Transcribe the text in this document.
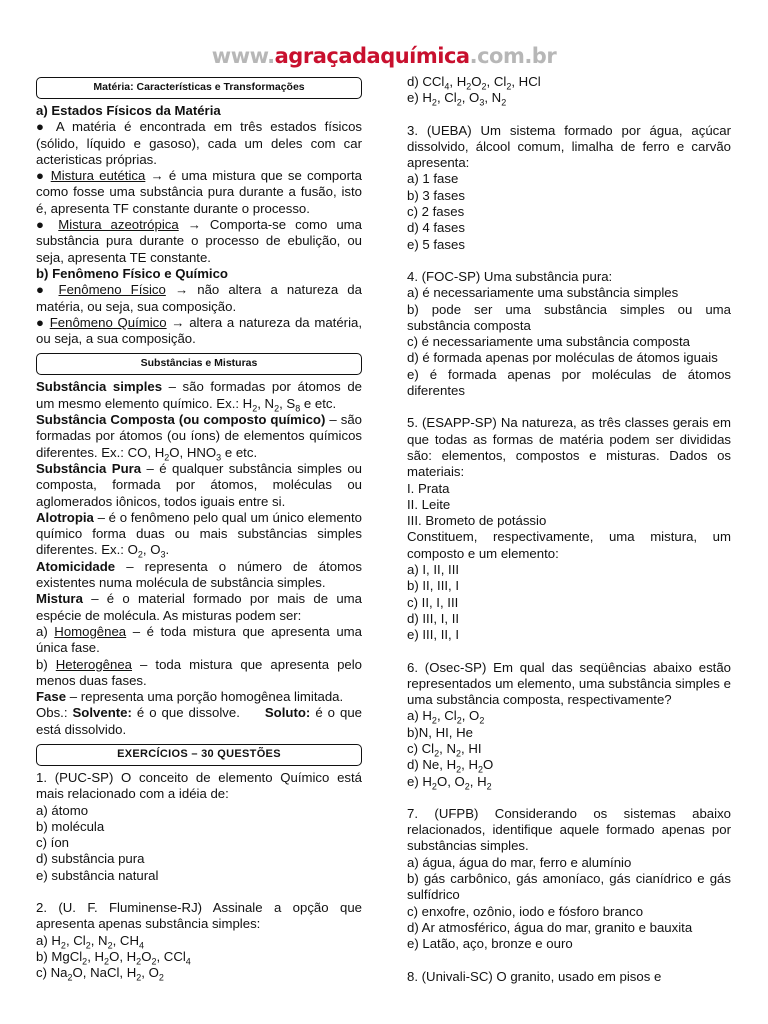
www.agraçadaquímica.com.br
Matéria: Características e Transformações

a) Estados Físicos da Matéria

● A matéria é encontrada em três estados físicos (sólido, líquido e gasoso), cada um deles com car acteristicas próprias.

● Mistura eutética → é uma mistura que se comporta como fosse uma substância pura durante a fusão, isto é, apresenta TF constante durante o processo.

● Mistura azeotrópica → Comporta-se como uma substância pura durante o processo de ebulição, ou seja, apresenta TE constante.

b) Fenômeno Físico e Químico

● Fenômeno Físico → não altera a natureza da matéria, ou seja, sua composição.

● Fenômeno Químico → altera a natureza da matéria, ou seja, a sua composição.

Substâncias e Misturas

Substância simples – são formadas por átomos de um mesmo elemento químico. Ex.: $H_2$, $N_2$, $S_8$ e etc.

Substância Composta (ou composto químico) – são formadas por átomos (ou íons) de elementos químicos diferentes. Ex.: CO, $H_2O$, $HNO_3$ e etc.

Substância Pura – é qualquer substância simples ou composta, formada por átomos, moléculas ou aglomerados iônicos, todos iguais entre si.

Alotropia – é o fenômeno pelo qual um único elemento químico forma duas ou mais substâncias simples diferentes. Ex.: $O_2$, $O_3$.

Atomicidade – representa o número de átomos existentes numa molécula de substância simples.

Mistura – é o material formado por mais de uma espécie de molécula. As misturas podem ser:

a) Homogênea – é toda mistura que apresenta uma única fase.

b) Heterogênea – toda mistura que apresenta pelo menos duas fases.

Fase – representa uma porção homogênea limitada.

Obs.: Solvente: é o que dissolve. Soluto: é o que está dissolvido.

EXERCÍCIOS – 30 QUESTÕES

1. (PUC-SP) O conceito de elemento Químico está mais relacionado com a idéia de:

a) átomo

b) molécula

c) íon

d) substância pura

e) substância natural

2. (U. F. Fluminense-RJ) Assinale a opção que apresenta apenas substância simples:

a) $H_2$, $Cl_2$, $N_2$, $CH_4$

b) MgCl$_2$, $H_2O$, $H_2O_2$, CCl$_4$

c) $Na_2O$, NaCl, $H_2$, $O_2$

d) CCl$_4$, $H_2O_2$, $Cl_2$, HCl

e) $H_2$, $Cl_2$, $O_3$, $N_2$

3. (UEBA) Um sistema formado por água, açúcar dissolvido, álcool comum, limalha de ferro e carvão apresenta:

a) 1 fase

b) 3 fases

c) 2 fases

d) 4 fases

e) 5 fases

4. (FOC-SP) Uma substância pura:

a) é necessariamente uma substância simples

b) pode ser uma substância simples ou uma substância composta

c) é necessariamente uma substância composta

d) é formada apenas por moléculas de átomos iguais

e) é formada apenas por moléculas de átomos diferentes

5. (ESAPP-SP) Na natureza, as três classes gerais em que todas as formas de matéria podem ser divididas são: elementos, compostos e misturas. Dados os materiais:

I. Prata

II. Leite

III. Brometo de potássio

Constituem, respectivamente, uma mistura, um composto e um elemento:

a) I, II, III

b) II, III, I

c) II, I, III

d) III, I, II

e) III, II, I

6. (Osec-SP) Em qual das seqüências abaixo estão representados um elemento, uma substância simples e uma substância composta, respectivamente?

a) $H_2$, $Cl_2$, $O_2$

b)N, HI, He

c) $Cl_2$, $N_2$, HI

d) Ne, $H_2$, $H_2O$

e) $H_2O$, $O_2$, $H_2$

7. (UFPB) Considerando os sistemas abaixo relacionados, identifique aquele formado apenas por substâncias simples.

a) água, água do mar, ferro e alumínio

b) gás carbônico, gás amoníaco, gás cianídrico e gás sulfídrico

c) enxofre, ozônio, iodo e fósforo branco

d) Ar atmosférico, água do mar, granito e bauxita

e) Latão, aço, bronze e ouro

8. (Univali-SC) O granito, usado em pisos e
